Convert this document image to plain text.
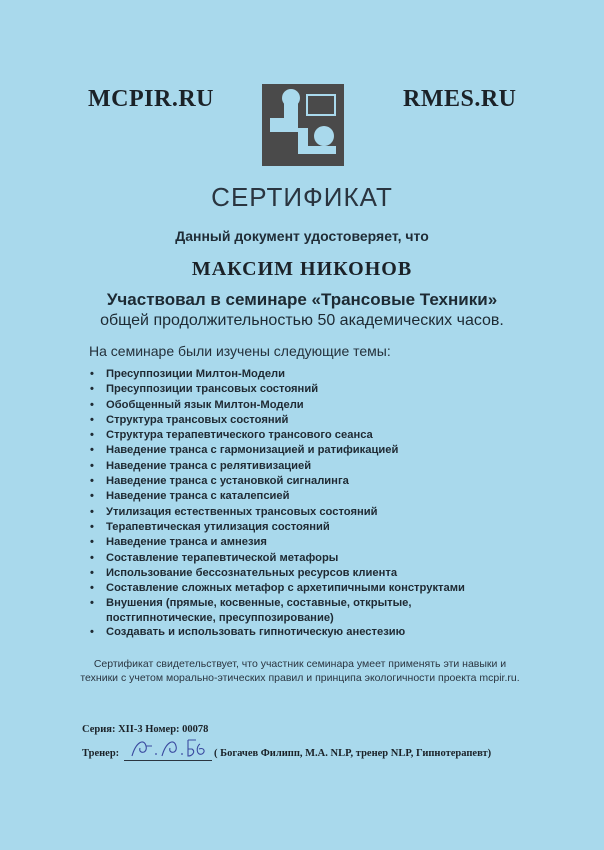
MCPIR.RU	RMES.RU
СЕРТИФИКАТ
Данный документ удостоверяет, что
МАКСИМ НИКОНОВ
Участвовал в семинаре «Трансовые Техники»
общей продолжительностью 50 академических часов.
На семинаре были изучены следующие темы:
• Пресуппозиции Милтон-Модели
• Пресуппозиции трансовых состояний
• Обобщенный язык Милтон-Модели
• Структура трансовых состояний
• Структура терапевтического трансового сеанса
• Наведение транса с гармонизацией и ратификацией
• Наведение транса с релятивизацией
• Наведение транса с установкой сигналинга
• Наведение транса с каталепсией
• Утилизация естественных трансовых состояний
• Терапевтическая утилизация состояний
• Наведение транса и амнезия
• Составление терапевтической метафоры
• Использование бессознательных ресурсов клиента
• Составление сложных метафор с архетипичными конструктами
• Внушения (прямые, косвенные, составные, открытые, постгипнотические, пресуппозирование)
• Создавать и использовать гипнотическую анестезию
Сертификат свидетельствует, что участник семинара умеет применять эти навыки и техники с учетом морально-этических правил и принципа экологичности проекта mcpir.ru.
Серия: XII-3 Номер: 00078
Тренер:	( Богачев Филипп, M.A. NLP, тренер NLP, Гипнотерапевт)
